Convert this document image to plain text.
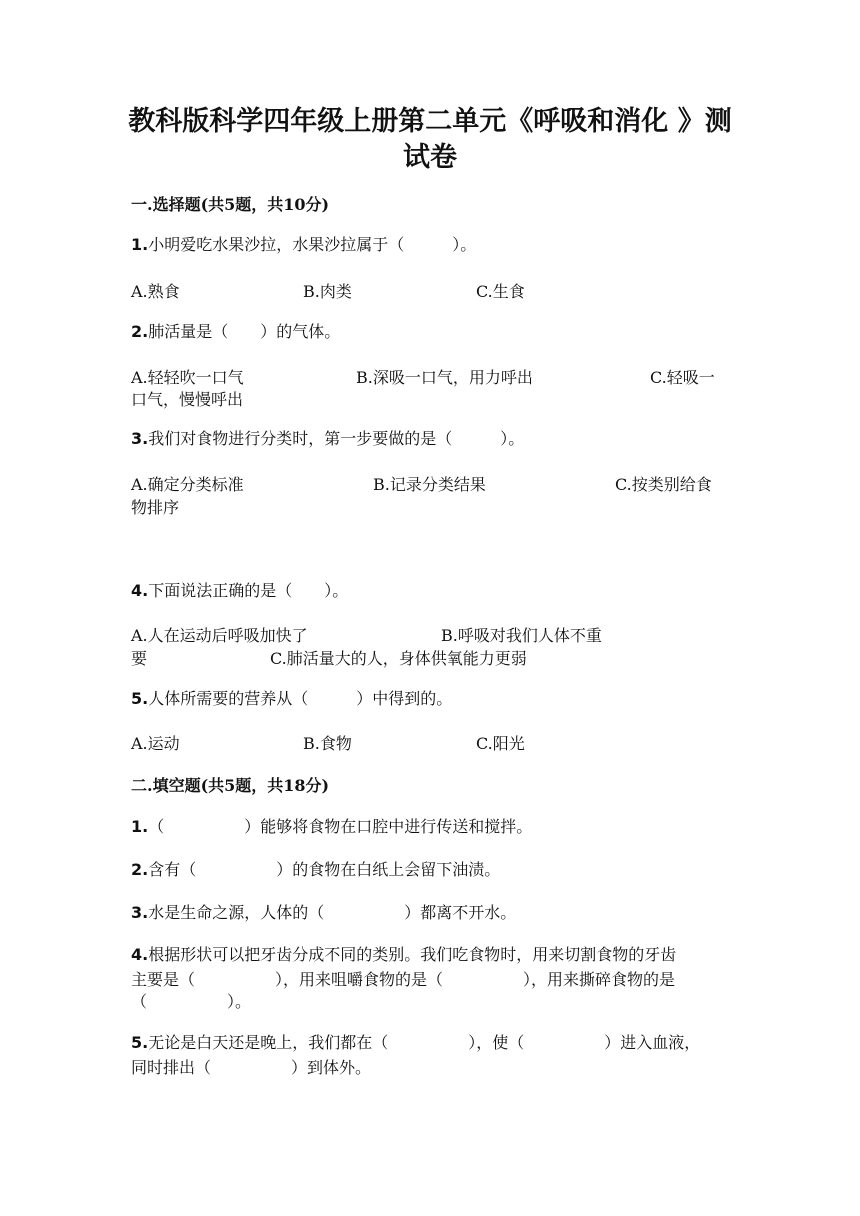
教科版科学四年级上册第二单元《呼吸和消化 》测
试卷
一.选择题(共5题，共10分)
1.小明爱吃水果沙拉，水果沙拉属于（　　　）。
A.熟食	B.肉类	C.生食
2.肺活量是（　　）的气体。
A.轻轻吹一口气	B.深吸一口气，用力呼出	C.轻吸一
口气，慢慢呼出
3.我们对食物进行分类时，第一步要做的是（　　　）。
A.确定分类标准	B.记录分类结果	C.按类别给食
物排序
4.下面说法正确的是（　　）。
A.人在运动后呼吸加快了	B.呼吸对我们人体不重
要	C.肺活量大的人，身体供氧能力更弱
5.人体所需要的营养从（　　　）中得到的。
A.运动	B.食物	C.阳光
二.填空题(共5题，共18分)
1.（　　　　　）能够将食物在口腔中进行传送和搅拌。
2.含有（　　　　　）的食物在白纸上会留下油渍。
3.水是生命之源，人体的（　　　　　）都离不开水。
4.根据形状可以把牙齿分成不同的类别。我们吃食物时，用来切割食物的牙齿
主要是（　　　　　），用来咀嚼食物的是（　　　　　），用来撕碎食物的是
（　　　　　）。
5.无论是白天还是晚上，我们都在（　　　　　），使（　　　　　）进入血液，
同时排出（　　　　　）到体外。
